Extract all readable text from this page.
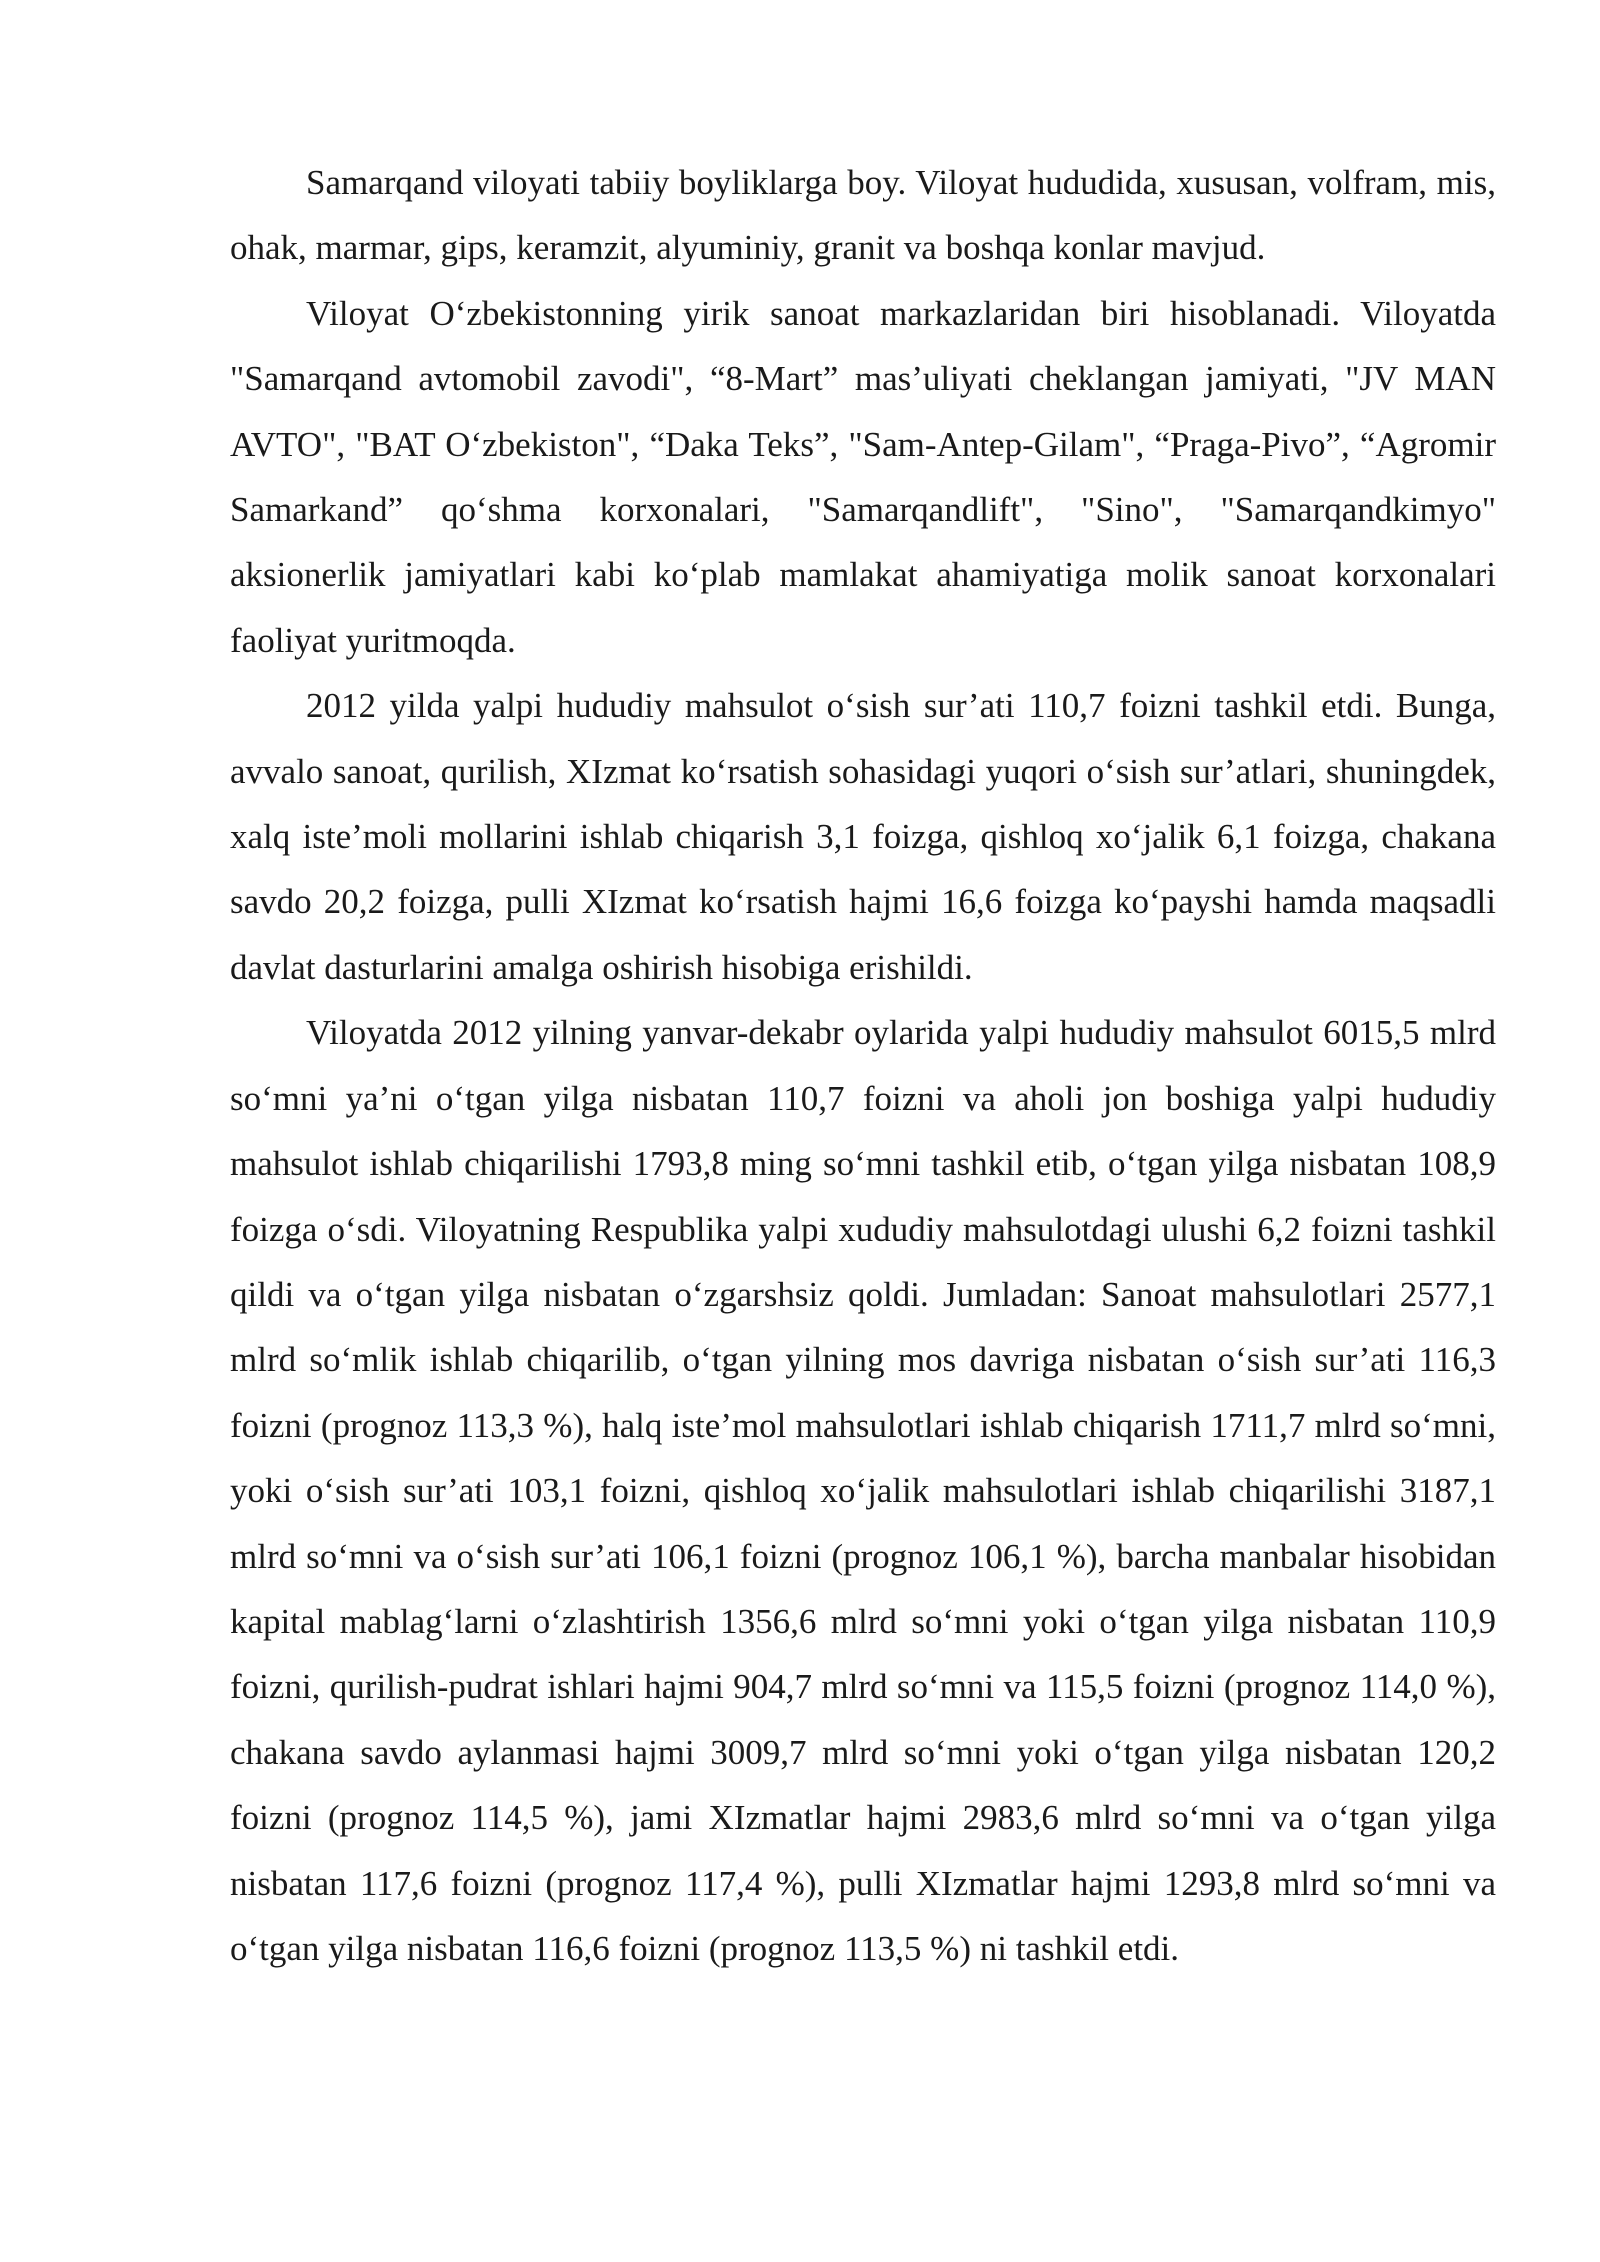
Samarqand viloyati tabiiy boyliklarga boy. Viloyat hududida, xususan, volfram, mis, ohak, marmar, gips, keramzit, alyuminiy, granit va boshqa konlar mavjud.

Viloyat O‘zbekistonning yirik sanoat markazlaridan biri hisoblanadi. Viloyatda "Samarqand avtomobil zavodi", “8-Mart” mas’uliyati cheklangan jamiyati, "JV MAN AVTO", "BAT O‘zbekiston", “Daka Teks”, "Sam-Antep-Gilam", “Praga-Pivo”, “Agromir Samarkand” qo‘shma korxonalari, "Samarqandlift", "Sino", "Samarqandkimyo" aksionerlik jamiyatlari kabi ko‘plab mamlakat ahamiyatiga molik sanoat korxonalari faoliyat yuritmoqda.

2012 yilda yalpi hududiy mahsulot o‘sish sur’ati 110,7 foizni tashkil etdi. Bunga, avvalo sanoat, qurilish, XIzmat ko‘rsatish sohasidagi yuqori o‘sish sur’atlari, shuningdek, xalq iste’moli mollarini ishlab chiqarish 3,1 foizga, qishloq xo‘jalik 6,1 foizga, chakana savdo 20,2 foizga, pulli XIzmat ko‘rsatish hajmi 16,6 foizga ko‘payshi hamda maqsadli davlat dasturlarini amalga oshirish hisobiga erishildi.

Viloyatda 2012 yilning yanvar-dekabr oylarida yalpi hududiy mahsulot 6015,5 mlrd so‘mni ya’ni o‘tgan yilga nisbatan 110,7 foizni va aholi jon boshiga yalpi hududiy mahsulot ishlab chiqarilishi 1793,8 ming so‘mni tashkil etib, o‘tgan yilga nisbatan 108,9 foizga o‘sdi. Viloyatning Respublika yalpi xududiy mahsulotdagi ulushi 6,2 foizni tashkil qildi va o‘tgan yilga nisbatan o‘zgarshsiz qoldi. Jumladan: Sanoat mahsulotlari 2577,1 mlrd so‘mlik ishlab chiqarilib, o‘tgan yilning mos davriga nisbatan o‘sish sur’ati 116,3 foizni (prognoz 113,3 %), halq iste’mol mahsulotlari ishlab chiqarish 1711,7 mlrd so‘mni, yoki o‘sish sur’ati 103,1 foizni, qishloq xo‘jalik mahsulotlari ishlab chiqarilishi 3187,1 mlrd so‘mni va o‘sish sur’ati 106,1 foizni (prognoz 106,1 %), barcha manbalar hisobidan kapital mablag‘larni o‘zlashtirish 1356,6 mlrd so‘mni yoki o‘tgan yilga nisbatan 110,9 foizni, qurilish-pudrat ishlari hajmi 904,7 mlrd so‘mni va 115,5 foizni (prognoz 114,0 %), chakana savdo aylanmasi hajmi 3009,7 mlrd so‘mni yoki o‘tgan yilga nisbatan 120,2 foizni (prognoz 114,5 %), jami XIzmatlar hajmi 2983,6 mlrd so‘mni va o‘tgan yilga nisbatan 117,6 foizni (prognoz 117,4 %), pulli XIzmatlar hajmi 1293,8 mlrd so‘mni va o‘tgan yilga nisbatan 116,6 foizni (prognoz 113,5 %) ni tashkil etdi.
